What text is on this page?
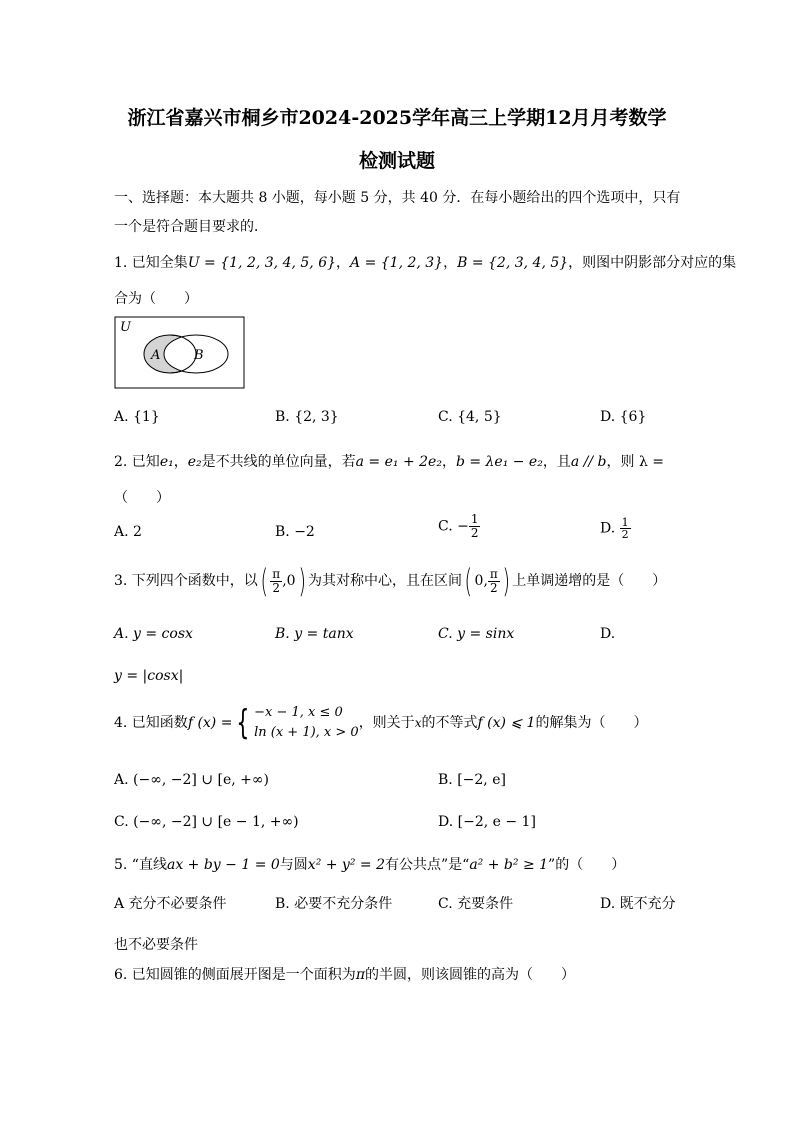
浙江省嘉兴市桐乡市2024-2025学年高三上学期12月月考数学
检测试题
一、选择题：本大题共 8 小题，每小题 5 分，共 40 分．在每小题给出的四个选项中，只有
一个是符合题目要求的．
1. 已知全集U = {1, 2, 3, 4, 5, 6}，A = {1, 2, 3}，B = {2, 3, 4, 5}，则图中阴影部分对应的集
合为（　　）
U
A	B
A. {1}	B. {2, 3}	C. {4, 5}	D. {6}
2. 已知e₁，e₂是不共线的单位向量，若a = e₁ + 2e₂，b = λe₁ − e₂，且a // b，则 λ =
（　　）
A. 2	B. −2	C. − $\frac{1}{2}$	D. $\frac{1}{2}$
3. 下列四个函数中，以( $\frac{\pi}{2} ,0$) 为其对称中心，且在区间( 0, $\frac{\pi}{2}$ ) 上单调递增的是（　　）
A. y = cosx	B. y = tanx	C. y = sinx	D.
y = |cosx|
4. 已知函数f (x) = { −x − 1, x ≤ 0
ln (x + 1), x > 0
，则关于x的不等式f (x) ⩽ 1的解集为（　　）
A. (−∞, −2] ∪ [e, +∞)	B. [−2, e]
C. (−∞, −2] ∪ [e − 1, +∞)	D. [−2, e − 1]
5. “直线ax + by − 1 = 0与圆x² + y² = 2有公共点”是“a² + b² ≥ 1”的（　　）
A 充分不必要条件	B. 必要不充分条件	C. 充要条件	D. 既不充分
也不必要条件
6. 已知圆锥的侧面展开图是一个面积为π的半圆，则该圆锥的高为（　　）
